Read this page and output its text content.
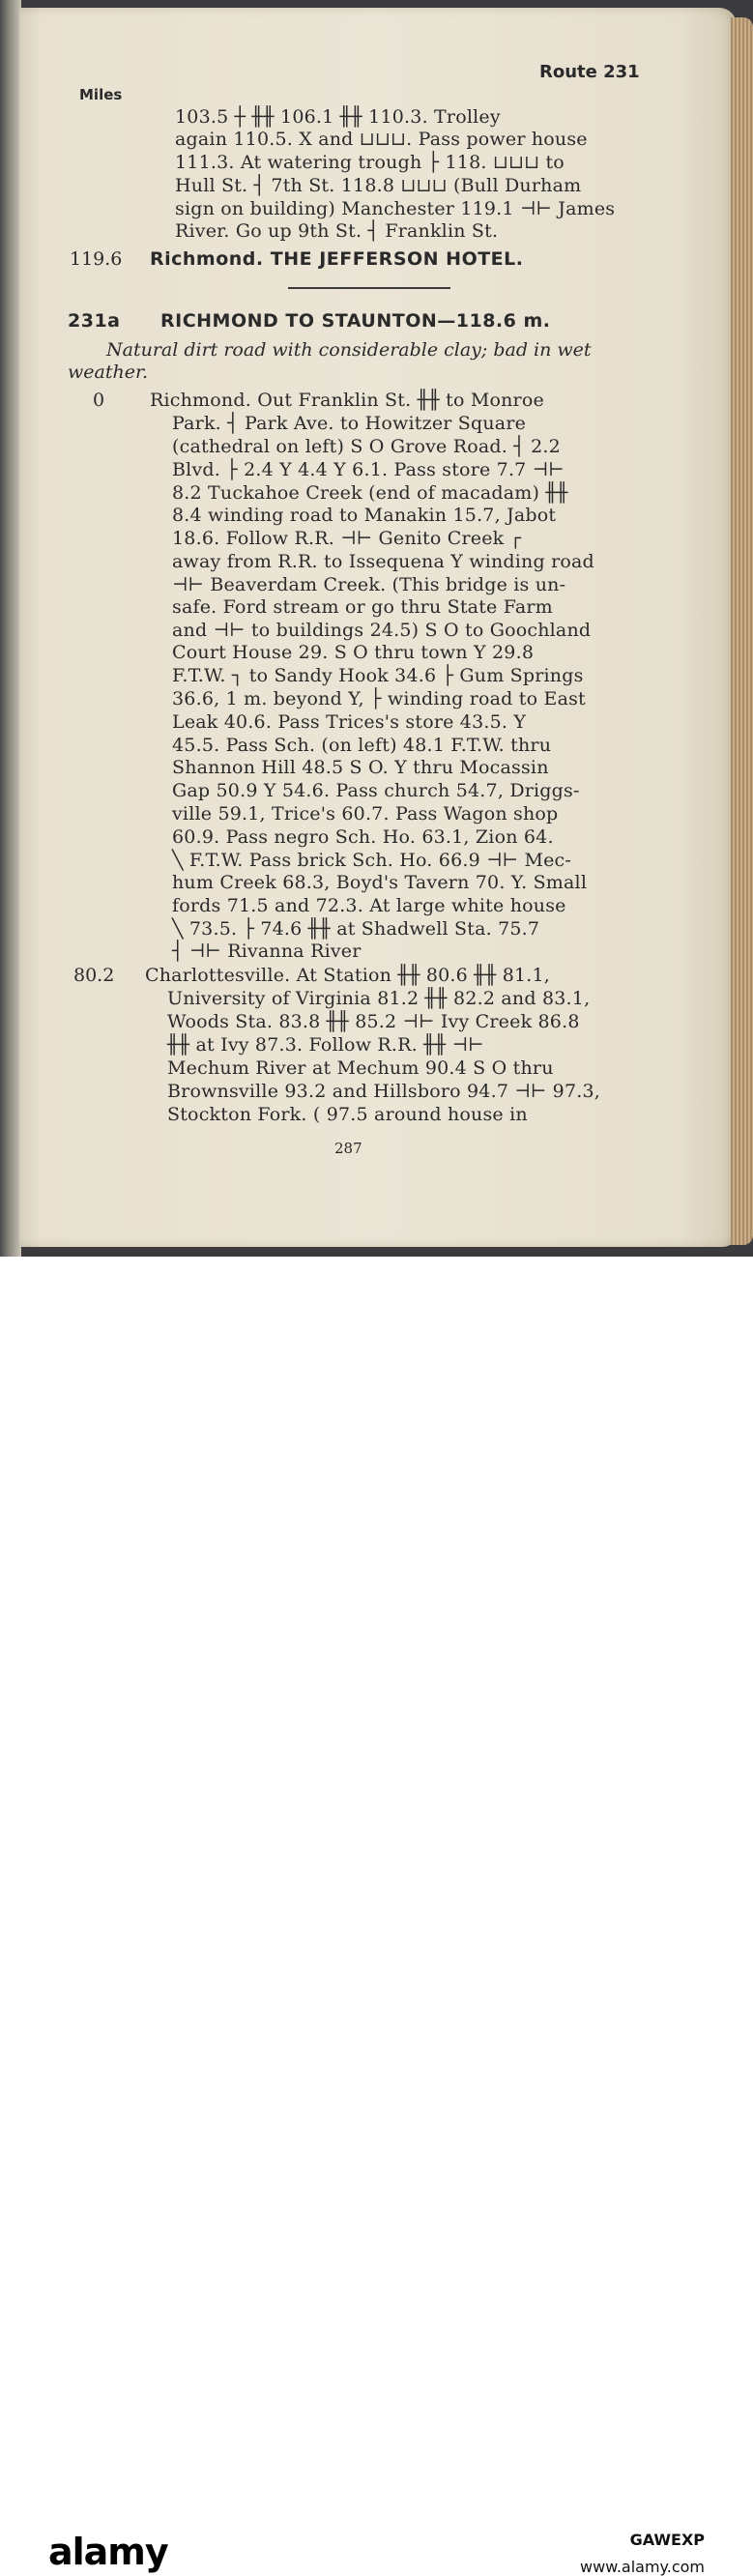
Route 231
Miles
103.5 ┼ ╫╫ 106.1 ╫╫ 110.3. Trolley
again 110.5. X and ⊔⊔⊔. Pass power house
111.3. At watering trough ├ 118. ⊔⊔⊔ to
Hull St. ┤ 7th St. 118.8 ⊔⊔⊔ (Bull Durham
sign on building) Manchester 119.1 ⊣⊢ James
River. Go up 9th St. ┤ Franklin St.
119.6 Richmond. THE JEFFERSON HOTEL.
231a RICHMOND TO STAUNTON—118.6 m.
Natural dirt road with considerable clay; bad in wet
weather.
0 Richmond. Out Franklin St. ╫╫ to Monroe
Park. ┤ Park Ave. to Howitzer Square
(cathedral on left) S O Grove Road. ┤ 2.2
Blvd. ├ 2.4 Y 4.4 Y 6.1. Pass store 7.7 ⊣⊢
8.2 Tuckahoe Creek (end of macadam) ╫╫
8.4 winding road to Manakin 15.7, Jabot
18.6. Follow R.R. ⊣⊢ Genito Creek ┌
away from R.R. to Issequena Y winding road
⊣⊢ Beaverdam Creek. (This bridge is un-
safe. Ford stream or go thru State Farm
and ⊣⊢ to buildings 24.5) S O to Goochland
Court House 29. S O thru town Y 29.8
F.T.W. ┐ to Sandy Hook 34.6 ├ Gum Springs
36.6, 1 m. beyond Y, ├ winding road to East
Leak 40.6. Pass Trices's store 43.5. Y
45.5. Pass Sch. (on left) 48.1 F.T.W. thru
Shannon Hill 48.5 S O. Y thru Mocassin
Gap 50.9 Y 54.6. Pass church 54.7, Driggs-
ville 59.1, Trice's 60.7. Pass Wagon shop
60.9. Pass negro Sch. Ho. 63.1, Zion 64.
╲ F.T.W. Pass brick Sch. Ho. 66.9 ⊣⊢ Mec-
hum Creek 68.3, Boyd's Tavern 70. Y. Small
fords 71.5 and 72.3. At large white house
╲ 73.5. ├ 74.6 ╫╫ at Shadwell Sta. 75.7
┤ ⊣⊢ Rivanna River
80.2 Charlottesville. At Station ╫╫ 80.6 ╫╫ 81.1,
University of Virginia 81.2 ╫╫ 82.2 and 83.1,
Woods Sta. 83.8 ╫╫ 85.2 ⊣⊢ Ivy Creek 86.8
╫╫ at Ivy 87.3. Follow R.R. ╫╫ ⊣⊢
Mechum River at Mechum 90.4 S O thru
Brownsville 93.2 and Hillsboro 94.7 ⊣⊢ 97.3,
Stockton Fork. ( 97.5 around house in
287
alamy	GAWEXP
www.alamy.com
